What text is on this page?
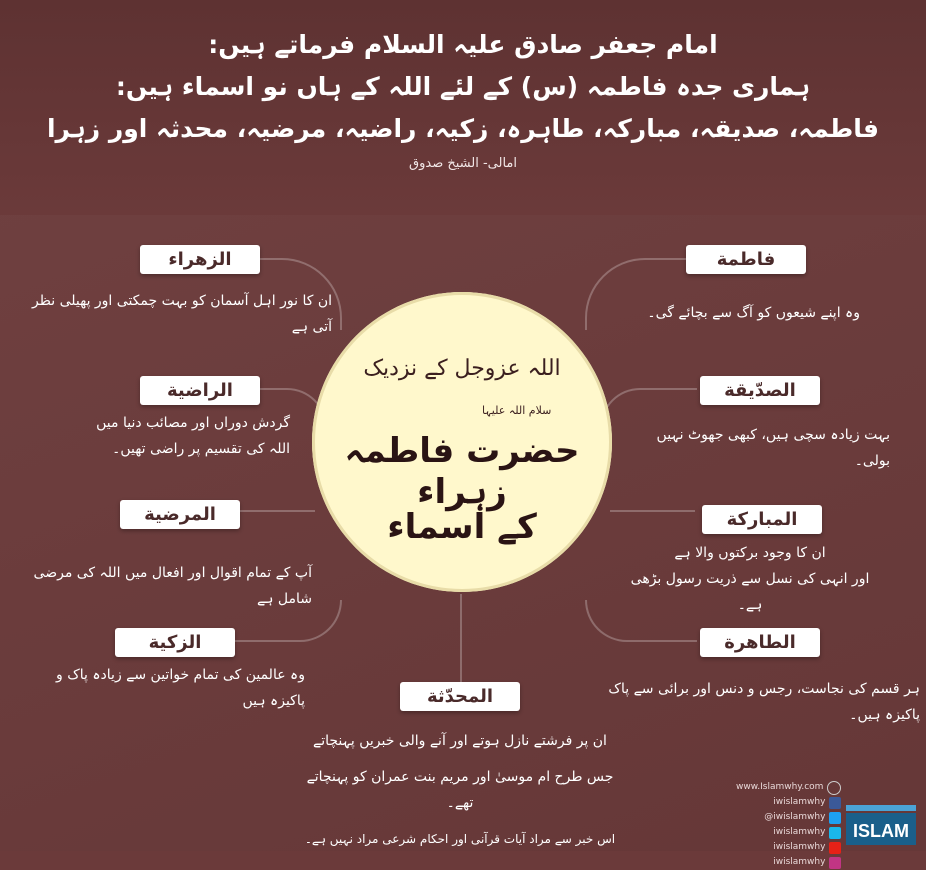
امام جعفر صادق علیہ السلام فرماتے ہیں:
ہماری جدہ فاطمہ (س) کے لئے اللہ کے ہاں نو اسماء ہیں:
فاطمہ، صدیقہ، مبارکہ، طاہرہ، زکیہ، راضیہ، مرضیہ، محدثہ اور زہرا
امالی- الشیخ صدوق
اللہ عزوجل کے نزدیک
سلام اللہ علیہا
حضرت فاطمہ زہراء
کے اسماء
الزهراء
ان کا نور اہل آسمان کو بہت چمکتی اور پھیلی نظر آتی ہے
الراضية
گردش دوراں اور مصائب دنیا میں
اللہ کی تقسیم پر راضی تھیں۔
المرضية
آپ کے تمام اقوال اور افعال میں اللہ کی مرضی شامل ہے
الزكية
وہ عالمین کی تمام خواتین سے زیادہ پاک و پاکیزہ ہیں
فاطمة
وہ اپنے شیعوں کو آگ سے بچائے گی۔
الصدّيقة
بہت زیادہ سچی ہیں، کبھی جھوٹ نہیں بولی۔
المباركة
ان کا وجود برکتوں والا ہے
اور انہی کی نسل سے ذریت رسول بڑھی ہے۔
الطاهرة
ہر قسم کی نجاست، رجس و دنس اور برائی سے پاک پاکیزہ ہیں۔
المحدّثة
ان پر فرشتے نازل ہوتے اور آنے والی خبریں پہنچاتے
جس طرح ام موسیٰ اور مریم بنت عمران کو پہنچاتے تھے۔
اس خبر سے مراد آیات قرآنی اور احکام شرعی مراد نہیں ہے۔
www.Islamwhy.com
iwislamwhy
@iwislamwhy
iwislamwhy
iwislamwhy
iwislamwhy
ISLAM
